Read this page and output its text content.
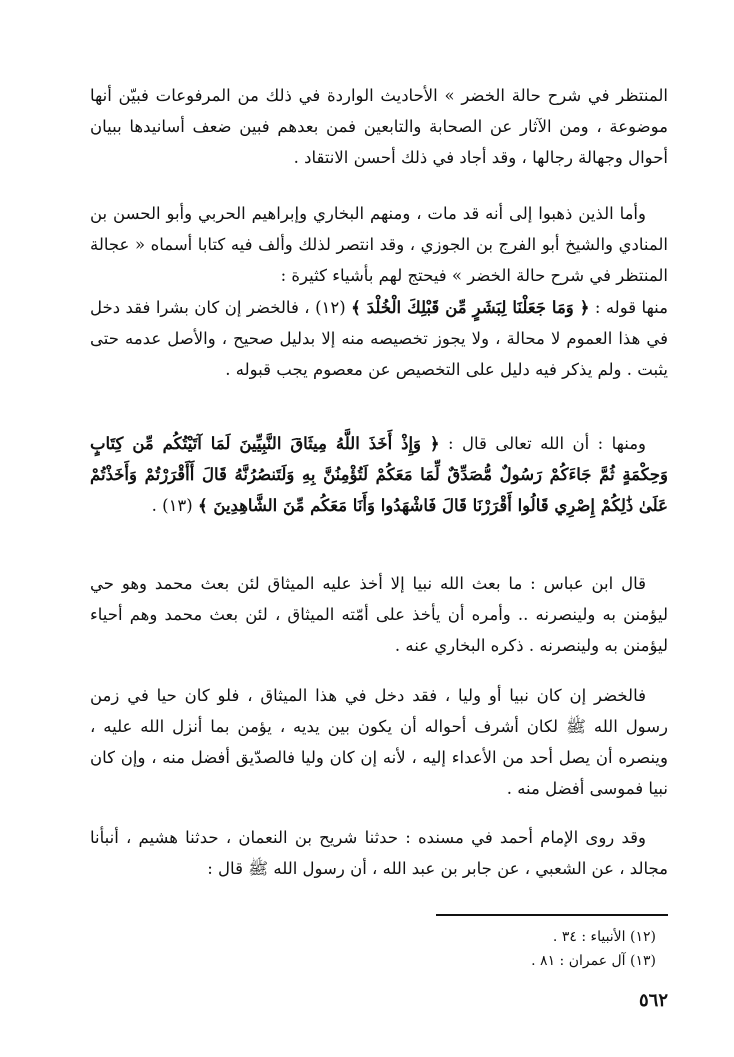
المنتظر في شرح حالة الخضر » الأحاديث الواردة في ذلك من المرفوعات فبيّن أنها موضوعة ، ومن الآثار عن الصحابة والتابعين فمن بعدهم فبين ضعف أسانيدها ببيان أحوال وجهالة رجالها ، وقد أجاد في ذلك أحسن الانتقاد .

وأما الذين ذهبوا إلى أنه قد مات ، ومنهم البخاري وإبراهيم الحربي وأبو الحسن بن المنادي والشيخ أبو الفرج بن الجوزي ، وقد انتصر لذلك وألف فيه كتابا أسماه « عجالة المنتظر في شرح حالة الخضر » فيحتج لهم بأشياء كثيرة :

منها قوله : ﴿ وَمَا جَعَلْنَا لِبَشَرٍ مِّن قَبْلِكَ الْخُلْدَ ﴾ (١٢) ، فالخضر إن كان بشرا فقد دخل في هذا العموم لا محالة ، ولا يجوز تخصيصه منه إلا بدليل صحيح ، والأصل عدمه حتى يثبت . ولم يذكر فيه دليل على التخصيص عن معصوم يجب قبوله .

ومنها : أن الله تعالى قال : ﴿ وَإِذْ أَخَذَ اللَّهُ مِيثَاقَ النَّبِيِّينَ لَمَا آتَيْتُكُم مِّن كِتَابٍ وَحِكْمَةٍ ثُمَّ جَاءَكُمْ رَسُولٌ مُّصَدِّقٌ لِّمَا مَعَكُمْ لَتُؤْمِنُنَّ بِهِ وَلَتَنصُرُنَّهُ قَالَ أَأَقْرَرْتُمْ وَأَخَذْتُمْ عَلَىٰ ذَٰلِكُمْ إِصْرِي قَالُوا أَقْرَرْنَا قَالَ فَاشْهَدُوا وَأَنَا مَعَكُم مِّنَ الشَّاهِدِينَ ﴾ (١٣) .

قال ابن عباس : ما بعث الله نبيا إلا أخذ عليه الميثاق لئن بعث محمد وهو حي ليؤمنن به ولينصرنه .. وأمره أن يأخذ على أمّته الميثاق ، لئن بعث محمد وهم أحياء ليؤمنن به ولينصرنه . ذكره البخاري عنه .

فالخضر إن كان نبيا أو وليا ، فقد دخل في هذا الميثاق ، فلو كان حيا في زمن رسول الله ﷺ لكان أشرف أحواله أن يكون بين يديه ، يؤمن بما أنزل الله عليه ، وينصره أن يصل أحد من الأعداء إليه ، لأنه إن كان وليا فالصدّيق أفضل منه ، وإن كان نبيا فموسى أفضل منه .

وقد روى الإمام أحمد في مسنده : حدثنا شريح بن النعمان ، حدثنا هشيم ، أنبأنا مجالد ، عن الشعبي ، عن جابر بن عبد الله ، أن رسول الله ﷺ قال :

(١٢) الأنبياء : ٣٤ .

(١٣) آل عمران : ٨١ .

٥٦٢
